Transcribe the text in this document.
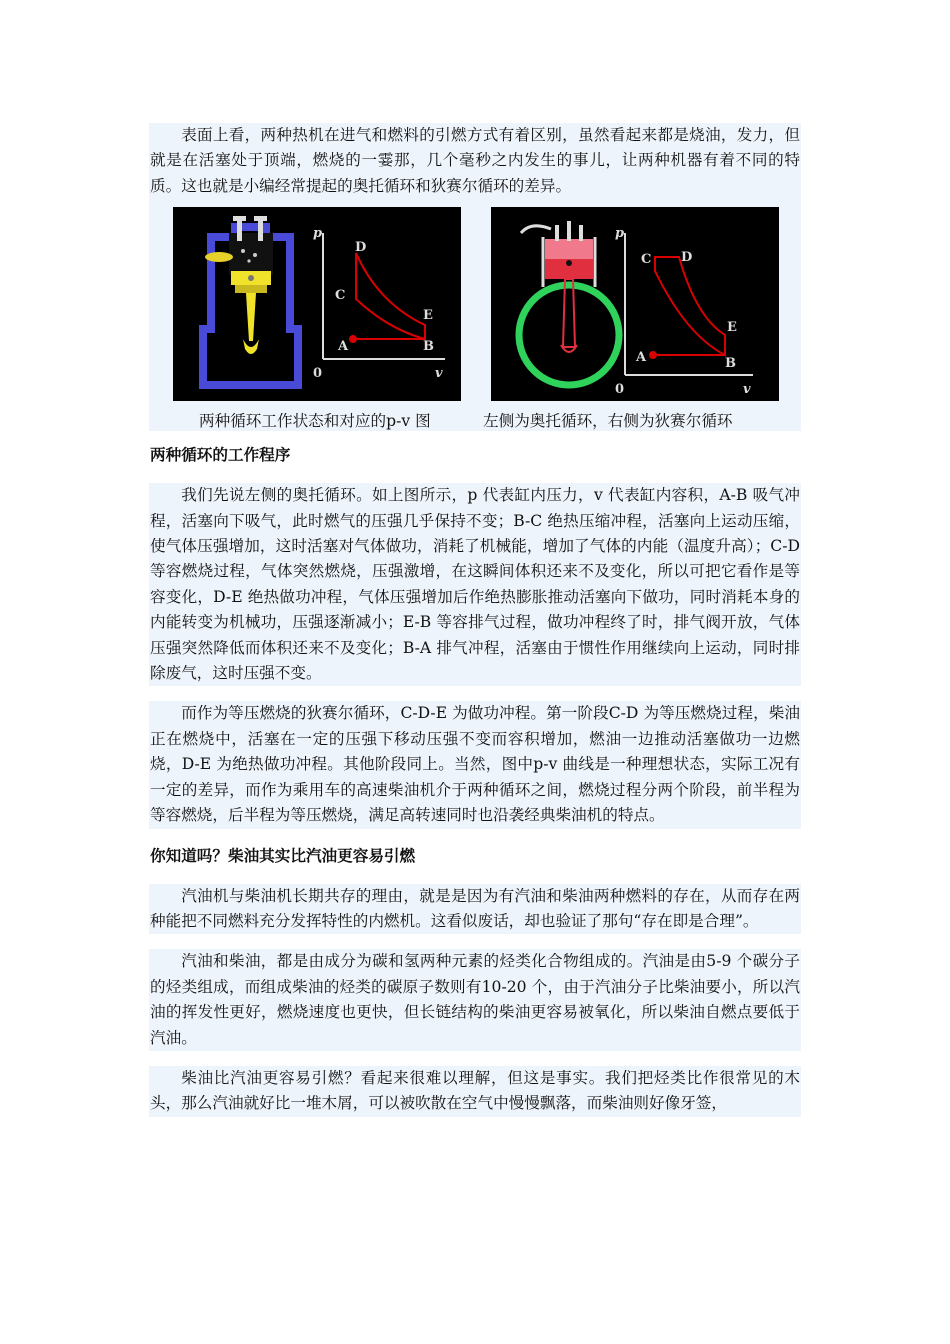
表面上看，两种热机在进气和燃料的引燃方式有着区别，虽然看起来都是烧油，发力，但就是在活塞处于顶端，燃烧的一霎那，几个毫秒之内发生的事儿，让两种机器有着不同的特质。这也就是小编经常提起的奥托循环和狄赛尔循环的差异。

p
v
0
D
C
E
B
A
p
v
0
C D
E
B
A
两种循环工作状态和对应的p-v 图	左侧为奥托循环，右侧为狄赛尔循环
两种循环的工作程序

我们先说左侧的奥托循环。如上图所示，p 代表缸内压力，v 代表缸内容积，A-B 吸气冲程，活塞向下吸气，此时燃气的压强几乎保持不变；B-C 绝热压缩冲程，活塞向上运动压缩，使气体压强增加，这时活塞对气体做功，消耗了机械能，增加了气体的内能（温度升高）；C-D 等容燃烧过程，气体突然燃烧，压强激增，在这瞬间体积还来不及变化，所以可把它看作是等容变化，D-E 绝热做功冲程，气体压强增加后作绝热膨胀推动活塞向下做功，同时消耗本身的内能转变为机械功，压强逐渐减小；E-B 等容排气过程，做功冲程终了时，排气阀开放，气体压强突然降低而体积还来不及变化；B-A 排气冲程，活塞由于惯性作用继续向上运动，同时排除废气，这时压强不变。

而作为等压燃烧的狄赛尔循环，C-D-E 为做功冲程。第一阶段C-D 为等压燃烧过程，柴油正在燃烧中，活塞在一定的压强下移动压强不变而容积增加，燃油一边推动活塞做功一边燃烧，D-E 为绝热做功冲程。其他阶段同上。当然，图中p-v 曲线是一种理想状态，实际工况有一定的差异，而作为乘用车的高速柴油机介于两种循环之间，燃烧过程分两个阶段，前半程为等容燃烧，后半程为等压燃烧，满足高转速同时也沿袭经典柴油机的特点。

你知道吗？柴油其实比汽油更容易引燃

汽油机与柴油机长期共存的理由，就是是因为有汽油和柴油两种燃料的存在，从而存在两种能把不同燃料充分发挥特性的内燃机。这看似废话，却也验证了那句“存在即是合理”。

汽油和柴油，都是由成分为碳和氢两种元素的烃类化合物组成的。汽油是由5-9 个碳分子的烃类组成，而组成柴油的烃类的碳原子数则有10-20 个，由于汽油分子比柴油要小，所以汽油的挥发性更好，燃烧速度也更快，但长链结构的柴油更容易被氧化，所以柴油自燃点要低于汽油。

柴油比汽油更容易引燃？看起来很难以理解，但这是事实。我们把烃类比作很常见的木头，那么汽油就好比一堆木屑，可以被吹散在空气中慢慢飘落，而柴油则好像牙签，
